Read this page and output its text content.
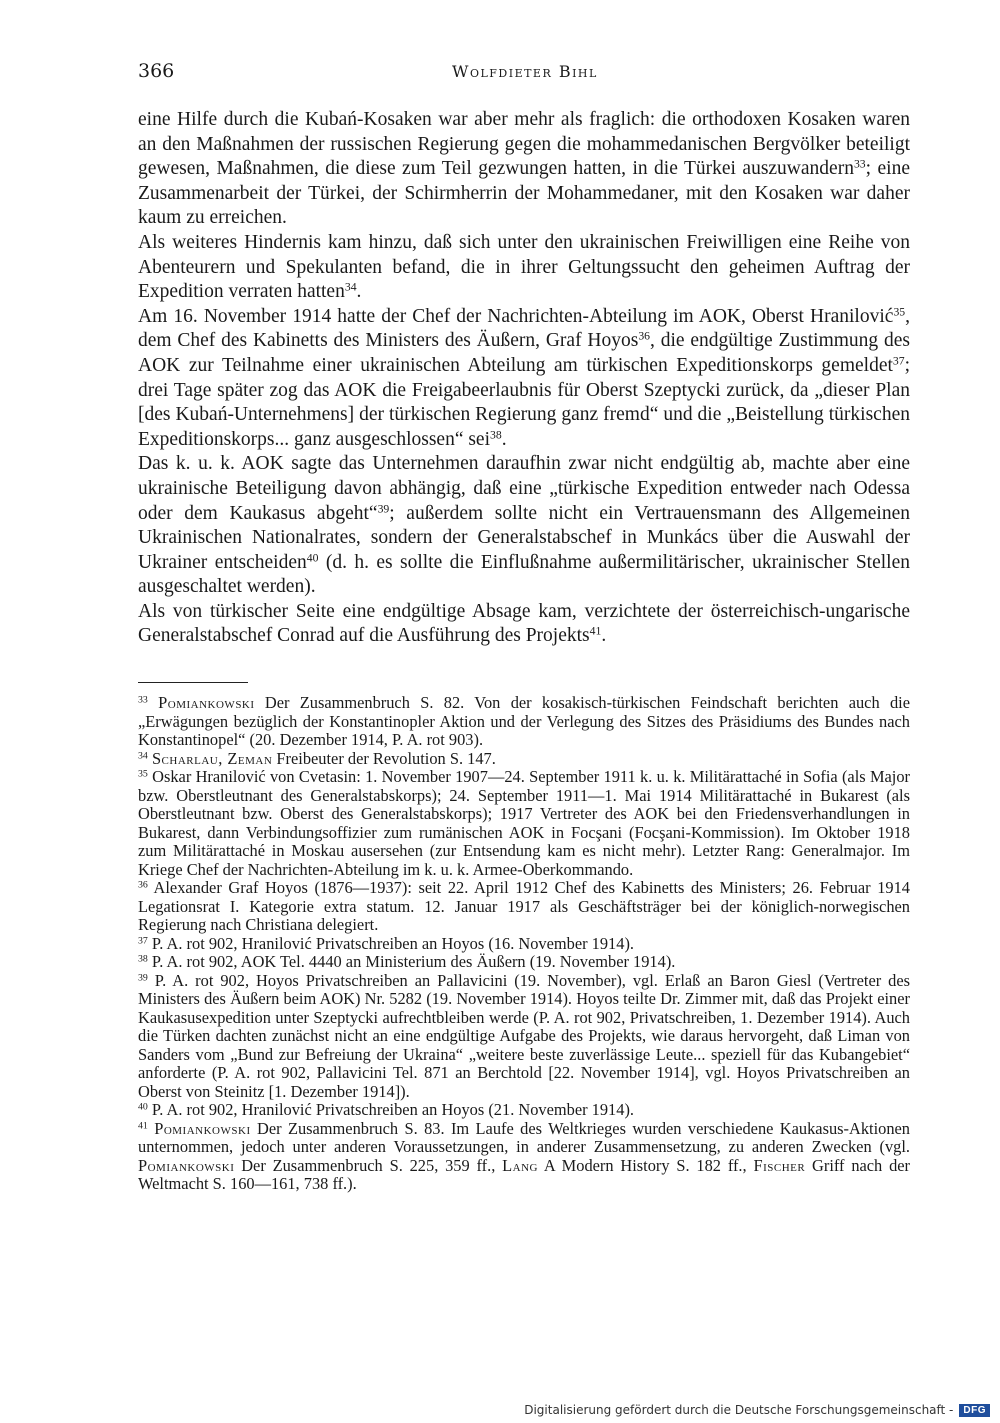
366	Wolfdieter Bihl

eine Hilfe durch die Kubań-Kosaken war aber mehr als fraglich: die orthodoxen Kosaken waren an den Maßnahmen der russischen Regierung gegen die mohammedanischen Bergvölker beteiligt gewesen, Maßnahmen, die diese zum Teil gezwungen hatten, in die Türkei auszuwandern$^{33}$; eine Zusammenarbeit der Türkei, der Schirmherrin der Mohammedaner, mit den Kosaken war daher kaum zu erreichen.

Als weiteres Hindernis kam hinzu, daß sich unter den ukrainischen Freiwilligen eine Reihe von Abenteurern und Spekulanten befand, die in ihrer Geltungssucht den geheimen Auftrag der Expedition verraten hatten$^{34}$.

Am 16. November 1914 hatte der Chef der Nachrichten-Abteilung im AOK, Oberst Hranilović$^{35}$, dem Chef des Kabinetts des Ministers des Äußern, Graf Hoyos$^{36}$, die endgültige Zustimmung des AOK zur Teilnahme einer ukrainischen Abteilung am türkischen Expeditionskorps gemeldet$^{37}$; drei Tage später zog das AOK die Freigabeerlaubnis für Oberst Szeptycki zurück, da „dieser Plan [des Kubań-Unternehmens] der türkischen Regierung ganz fremd“ und die „Beistellung türkischen Expeditionskorps... ganz ausgeschlossen“ sei$^{38}$.

Das k. u. k. AOK sagte das Unternehmen daraufhin zwar nicht endgültig ab, machte aber eine ukrainische Beteiligung davon abhängig, daß eine „türkische Expedition entweder nach Odessa oder dem Kaukasus abgeht“$^{39}$; außerdem sollte nicht ein Vertrauensmann des Allgemeinen Ukrainischen Nationalrates, sondern der Generalstabschef in Munkács über die Auswahl der Ukrainer entscheiden$^{40}$ (d. h. es sollte die Einflußnahme außermilitärischer, ukrainischer Stellen ausgeschaltet werden).

Als von türkischer Seite eine endgültige Absage kam, verzichtete der österreichisch-ungarische Generalstabschef Conrad auf die Ausführung des Projekts$^{41}$.

$^{33}$ Pomiankowski Der Zusammenbruch S. 82. Von der kosakisch-türkischen Feindschaft berichten auch die „Erwägungen bezüglich der Konstantinopler Aktion und der Verlegung des Sitzes des Präsidiums des Bundes nach Konstantinopel“ (20. Dezember 1914, P. A. rot 903).

$^{34}$ Scharlau, Zeman Freibeuter der Revolution S. 147.

$^{35}$ Oskar Hranilović von Cvetasin: 1. November 1907—24. September 1911 k. u. k. Militärattaché in Sofia (als Major bzw. Oberstleutnant des Generalstabskorps); 24. September 1911—1. Mai 1914 Militärattaché in Bukarest (als Oberstleutnant bzw. Oberst des Generalstabskorps); 1917 Vertreter des AOK bei den Friedensverhandlungen in Bukarest, dann Verbindungsoffizier zum rumänischen AOK in Focşani (Focşani-Kommission). Im Oktober 1918 zum Militärattaché in Moskau ausersehen (zur Entsendung kam es nicht mehr). Letzter Rang: Generalmajor. Im Kriege Chef der Nachrichten-Abteilung im k. u. k. Armee-Oberkommando.

$^{36}$ Alexander Graf Hoyos (1876—1937): seit 22. April 1912 Chef des Kabinetts des Ministers; 26. Februar 1914 Legationsrat I. Kategorie extra statum. 12. Januar 1917 als Geschäftsträger bei der königlich-norwegischen Regierung nach Christiana delegiert.

$^{37}$ P. A. rot 902, Hranilović Privatschreiben an Hoyos (16. November 1914).

$^{38}$ P. A. rot 902, AOK Tel. 4440 an Ministerium des Äußern (19. November 1914).

$^{39}$ P. A. rot 902, Hoyos Privatschreiben an Pallavicini (19. November), vgl. Erlaß an Baron Giesl (Vertreter des Ministers des Äußern beim AOK) Nr. 5282 (19. November 1914). Hoyos teilte Dr. Zimmer mit, daß das Projekt einer Kaukasusexpedition unter Szeptycki aufrechtbleiben werde (P. A. rot 902, Privatschreiben, 1. Dezember 1914). Auch die Türken dachten zunächst nicht an eine endgültige Aufgabe des Projekts, wie daraus hervorgeht, daß Liman von Sanders vom „Bund zur Befreiung der Ukraina“ „weitere beste zuverlässige Leute... speziell für das Kubangebiet“ anforderte (P. A. rot 902, Pallavicini Tel. 871 an Berchtold [22. November 1914], vgl. Hoyos Privatschreiben an Oberst von Steinitz [1. Dezember 1914]).

$^{40}$ P. A. rot 902, Hranilović Privatschreiben an Hoyos (21. November 1914).

$^{41}$ Pomiankowski Der Zusammenbruch S. 83. Im Laufe des Weltkrieges wurden verschiedene Kaukasus-Aktionen unternommen, jedoch unter anderen Voraussetzungen, in anderer Zusammensetzung, zu anderen Zwecken (vgl. Pomiankowski Der Zusammenbruch S. 225, 359 ff., Lang A Modern History S. 182 ff., Fischer Griff nach der Weltmacht S. 160—161, 738 ff.).

Digitalisierung gefördert durch die Deutsche Forschungsgemeinschaft -	DFG
